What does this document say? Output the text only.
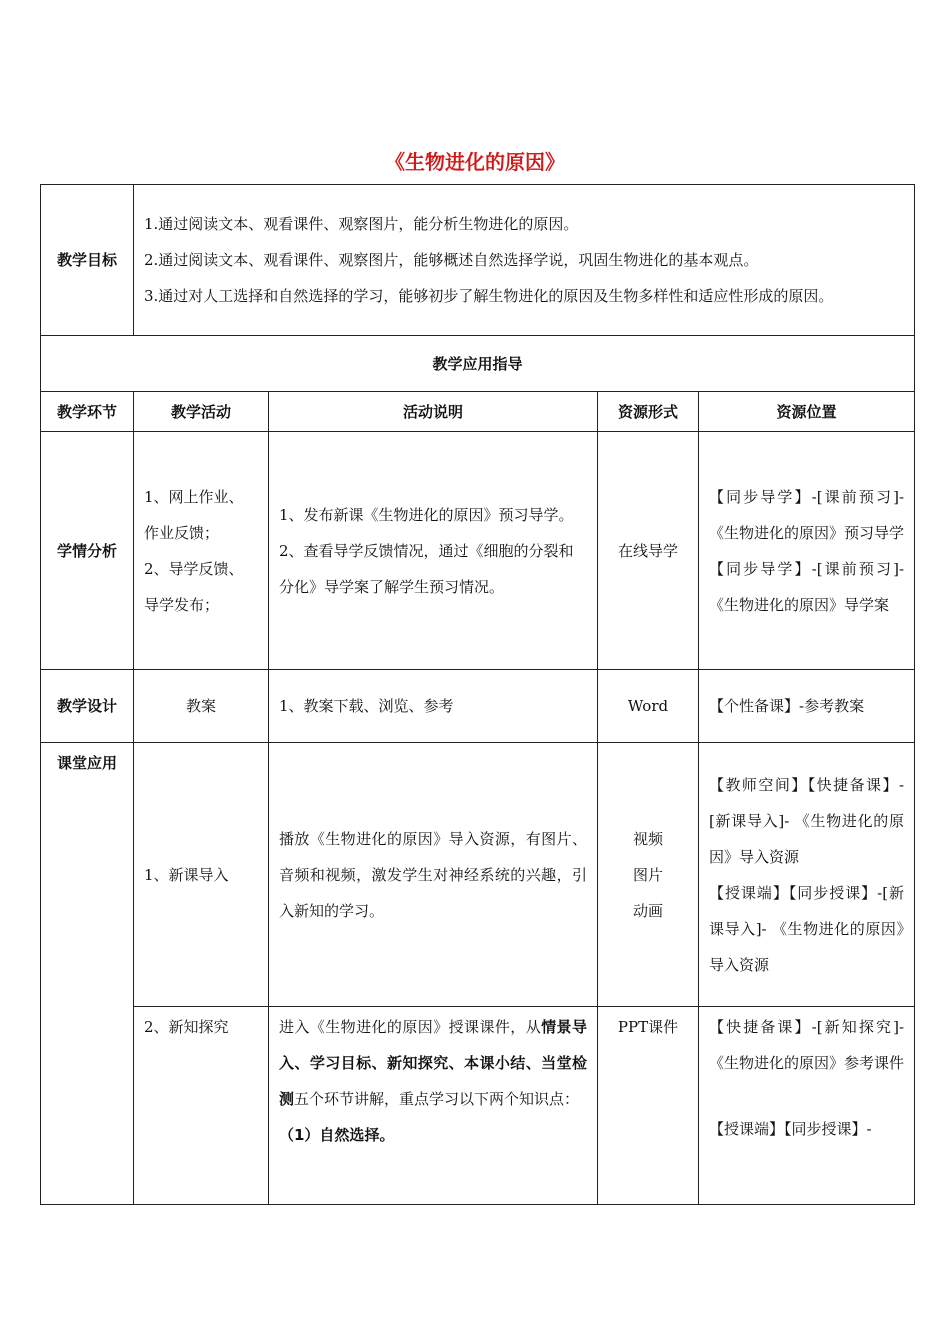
《生物进化的原因》
教学目标	1.通过阅读文本、观看课件、观察图片，能分析生物进化的原因。

2.通过阅读文本、观看课件、观察图片，能够概述自然选择学说，巩固生物进化的基本观点。

3.通过对人工选择和自然选择的学习，能够初步了解生物进化的原因及生物多样性和适应性形成的原因。			

教学应用指导				
教学环节	教学活动	活动说明	资源形式	资源位置
学情分析	1、网上作业、
作业反馈；
2、导学反馈、
导学发布；	1、发布新课《生物进化的原因》预习导学。
2、查看导学反馈情况，通过《细胞的分裂和分化》导学案了解学生预习情况。	在线导学	【同步导学】-[课前预习]- 《生物进化的原因》预习导学
【同步导学】-[课前预习]- 《生物进化的原因》导学案

教学设计	教案	1、教案下载、浏览、参考	Word	【个性备课】-参考教案
课堂应用	1、新课导入	播放《生物进化的原因》导入资源，有图片、音频和视频，激发学生对神经系统的兴趣，引入新知的学习。	视频
图片
动画	【教师空间】【快捷备课】-[新课导入]- 《生物进化的原因》导入资源
【授课端】【同步授课】-[新课导入]- 《生物进化的原因》导入资源

	2、新知探究	进入《生物进化的原因》授课课件，从情景导入、学习目标、新知探究、本课小结、当堂检测五个环节讲解，重点学习以下两个知识点：
（1）自然选择。	PPT课件	【快捷备课】-[新知探究]- 《生物进化的原因》参考课件
【授课端】【同步授课】-
